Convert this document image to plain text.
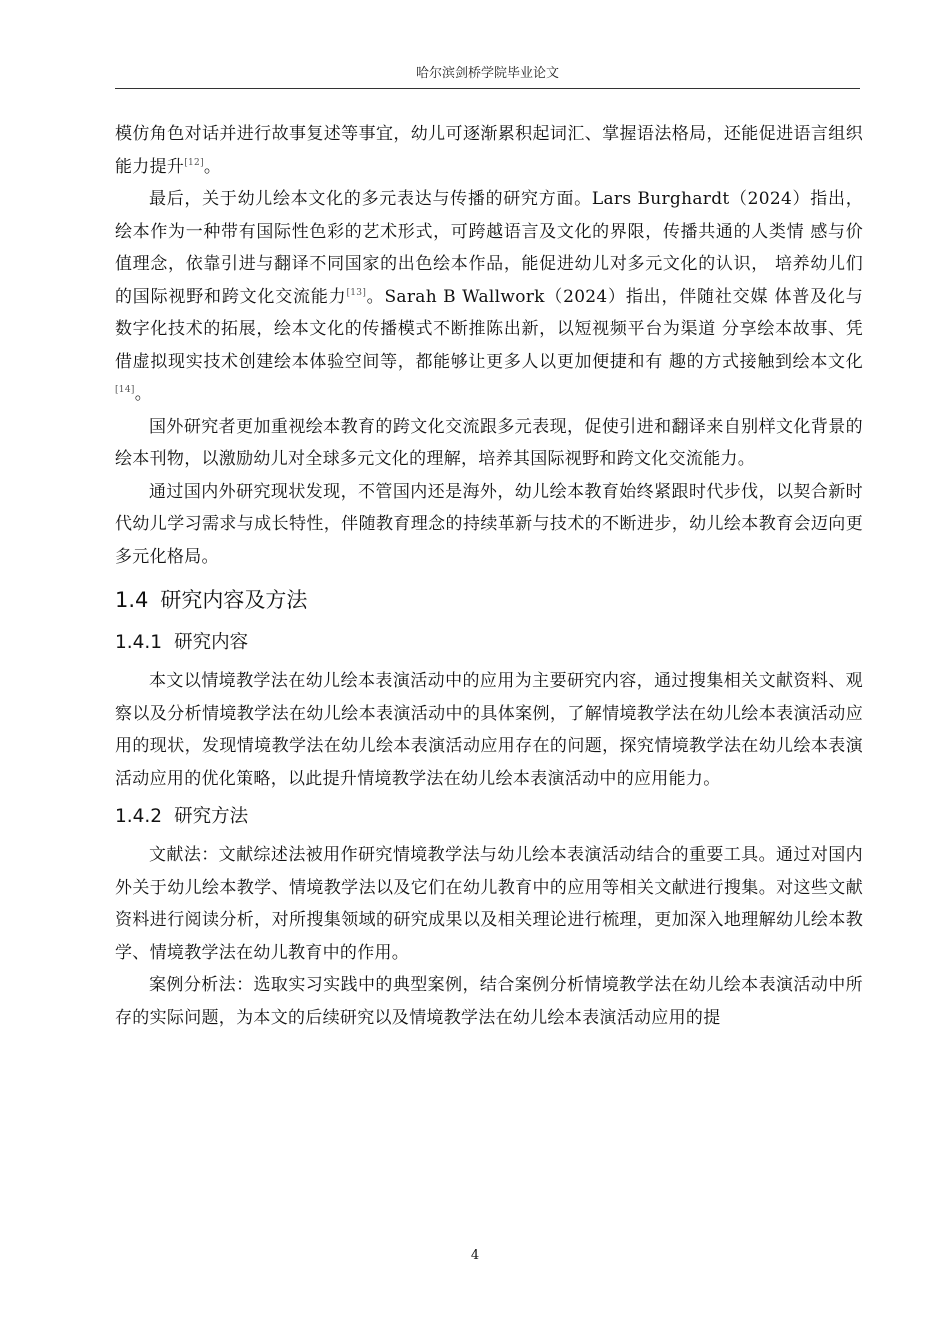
哈尔滨剑桥学院毕业论文

模仿角色对话并进行故事复述等事宜，幼儿可逐渐累积起词汇、掌握语法格局，还能促进语言组织能力提升[12]。

最后，关于幼儿绘本文化的多元表达与传播的研究方面。Lars Burghardt（2024）指出， 绘本作为一种带有国际性色彩的艺术形式，可跨越语言及文化的界限，传播共通的人类情 感与价值理念，依靠引进与翻译不同国家的出色绘本作品，能促进幼儿对多元文化的认识， 培养幼儿们的国际视野和跨文化交流能力[13]。Sarah B Wallwork（2024）指出，伴随社交媒 体普及化与数字化技术的拓展，绘本文化的传播模式不断推陈出新，以短视频平台为渠道 分享绘本故事、凭借虚拟现实技术创建绘本体验空间等，都能够让更多人以更加便捷和有 趣的方式接触到绘本文化[14]。

国外研究者更加重视绘本教育的跨文化交流跟多元表现，促使引进和翻译来自别样文化背景的绘本刊物，以激励幼儿对全球多元文化的理解，培养其国际视野和跨文化交流能力。

通过国内外研究现状发现，不管国内还是海外，幼儿绘本教育始终紧跟时代步伐，以契合新时代幼儿学习需求与成长特性，伴随教育理念的持续革新与技术的不断进步，幼儿绘本教育会迈向更多元化格局。

1.4 研究内容及方法
1.4.1 研究内容

本文以情境教学法在幼儿绘本表演活动中的应用为主要研究内容，通过搜集相关文献资料、观察以及分析情境教学法在幼儿绘本表演活动中的具体案例，了解情境教学法在幼儿绘本表演活动应用的现状，发现情境教学法在幼儿绘本表演活动应用存在的问题，探究情境教学法在幼儿绘本表演活动应用的优化策略，以此提升情境教学法在幼儿绘本表演活动中的应用能力。

1.4.2 研究方法

文献法：文献综述法被用作研究情境教学法与幼儿绘本表演活动结合的重要工具。通过对国内外关于幼儿绘本教学、情境教学法以及它们在幼儿教育中的应用等相关文献进行搜集。对这些文献资料进行阅读分析，对所搜集领域的研究成果以及相关理论进行梳理，更加深入地理解幼儿绘本教学、情境教学法在幼儿教育中的作用。

案例分析法：选取实习实践中的典型案例，结合案例分析情境教学法在幼儿绘本表演活动中所存的实际问题，为本文的后续研究以及情境教学法在幼儿绘本表演活动应用的提

4
